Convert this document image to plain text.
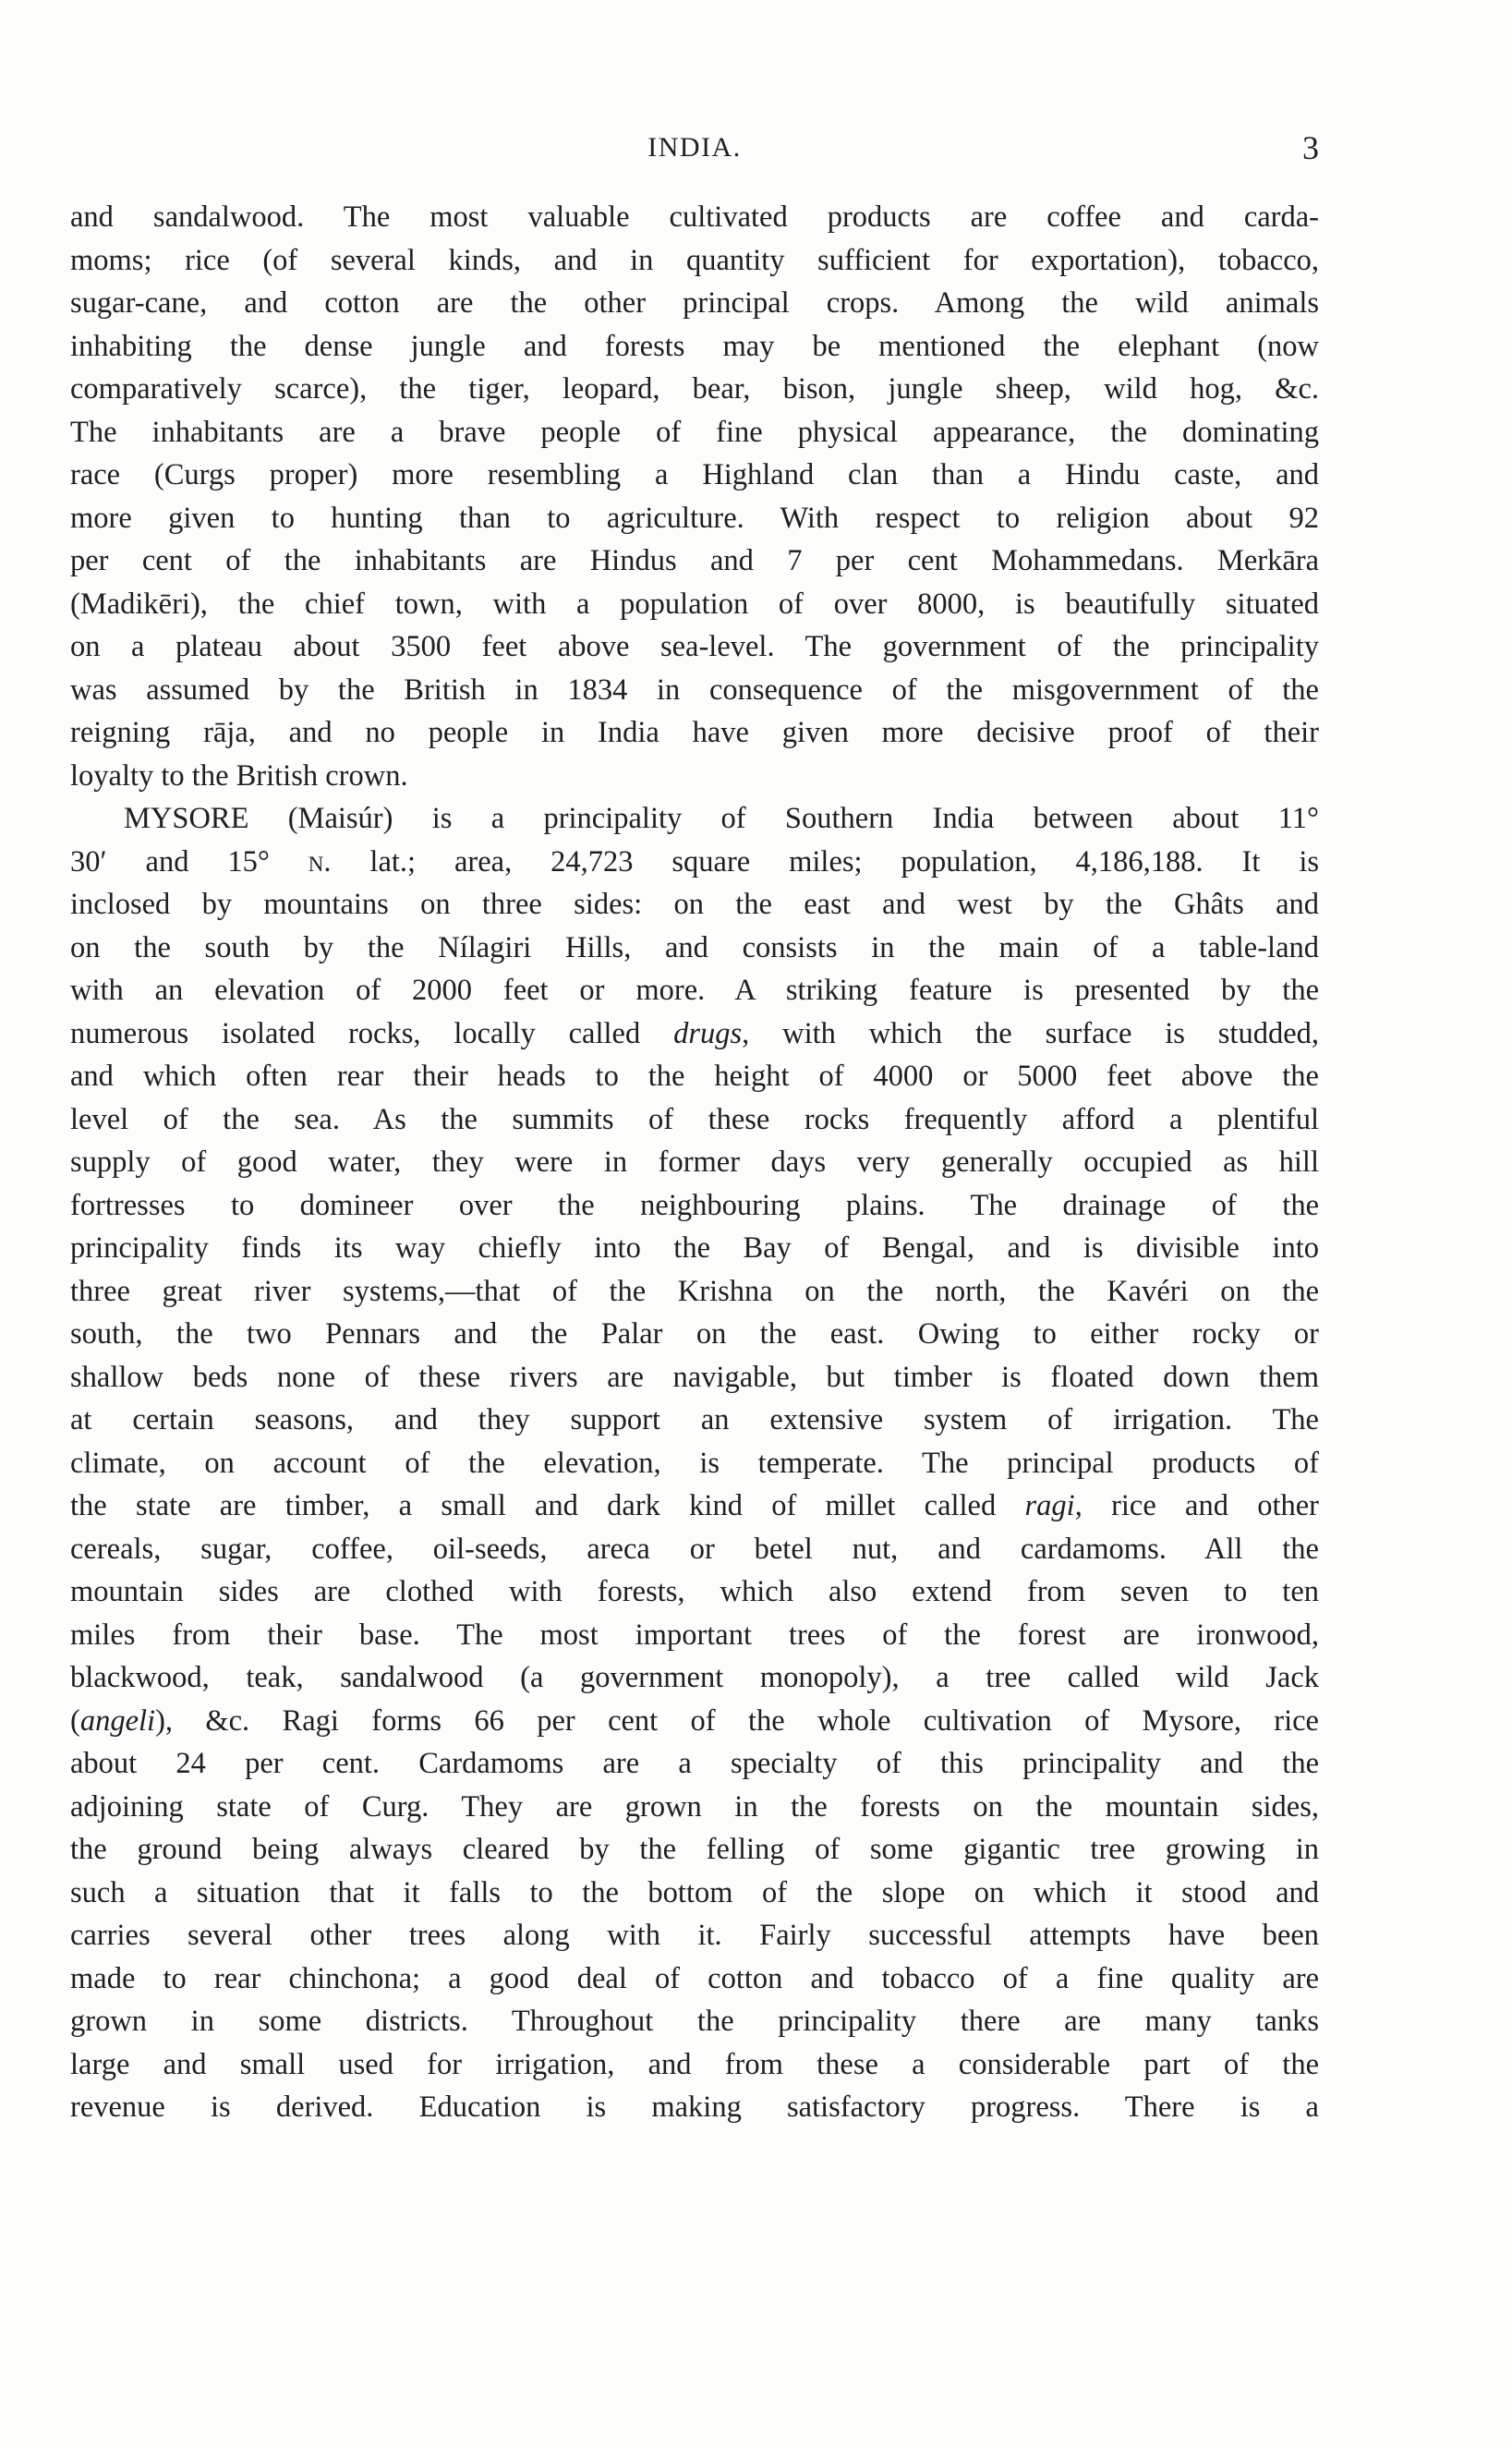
INDIA.	3
and sandalwood. The most valuable cultivated products are coffee and carda-
moms; rice (of several kinds, and in quantity sufficient for exportation), tobacco,
sugar-cane, and cotton are the other principal crops. Among the wild animals
inhabiting the dense jungle and forests may be mentioned the elephant (now
comparatively scarce), the tiger, leopard, bear, bison, jungle sheep, wild hog, &c.
The inhabitants are a brave people of fine physical appearance, the dominating
race (Curgs proper) more resembling a Highland clan than a Hindu caste, and
more given to hunting than to agriculture. With respect to religion about 92
per cent of the inhabitants are Hindus and 7 per cent Mohammedans. Merkāra
(Madikēri), the chief town, with a population of over 8000, is beautifully situated
on a plateau about 3500 feet above sea-level. The government of the principality
was assumed by the British in 1834 in consequence of the misgovernment of the
reigning rāja, and no people in India have given more decisive proof of their
loyalty to the British crown.
MYSORE (Maisúr) is a principality of Southern India between about 11°
30′ and 15° n. lat.; area, 24,723 square miles; population, 4,186,188. It is
inclosed by mountains on three sides: on the east and west by the Ghâts and
on the south by the Nílagiri Hills, and consists in the main of a table-land
with an elevation of 2000 feet or more. A striking feature is presented by the
numerous isolated rocks, locally called drugs, with which the surface is studded,
and which often rear their heads to the height of 4000 or 5000 feet above the
level of the sea. As the summits of these rocks frequently afford a plentiful
supply of good water, they were in former days very generally occupied as hill
fortresses to domineer over the neighbouring plains. The drainage of the
principality finds its way chiefly into the Bay of Bengal, and is divisible into
three great river systems,—that of the Krishna on the north, the Kavéri on the
south, the two Pennars and the Palar on the east. Owing to either rocky or
shallow beds none of these rivers are navigable, but timber is floated down them
at certain seasons, and they support an extensive system of irrigation. The
climate, on account of the elevation, is temperate. The principal products of
the state are timber, a small and dark kind of millet called ragi, rice and other
cereals, sugar, coffee, oil-seeds, areca or betel nut, and cardamoms. All the
mountain sides are clothed with forests, which also extend from seven to ten
miles from their base. The most important trees of the forest are ironwood,
blackwood, teak, sandalwood (a government monopoly), a tree called wild Jack
(angeli), &c. Ragi forms 66 per cent of the whole cultivation of Mysore, rice
about 24 per cent. Cardamoms are a specialty of this principality and the
adjoining state of Curg. They are grown in the forests on the mountain sides,
the ground being always cleared by the felling of some gigantic tree growing in
such a situation that it falls to the bottom of the slope on which it stood and
carries several other trees along with it. Fairly successful attempts have been
made to rear chinchona; a good deal of cotton and tobacco of a fine quality are
grown in some districts. Throughout the principality there are many tanks
large and small used for irrigation, and from these a considerable part of the
revenue is derived. Education is making satisfactory progress. There is a
